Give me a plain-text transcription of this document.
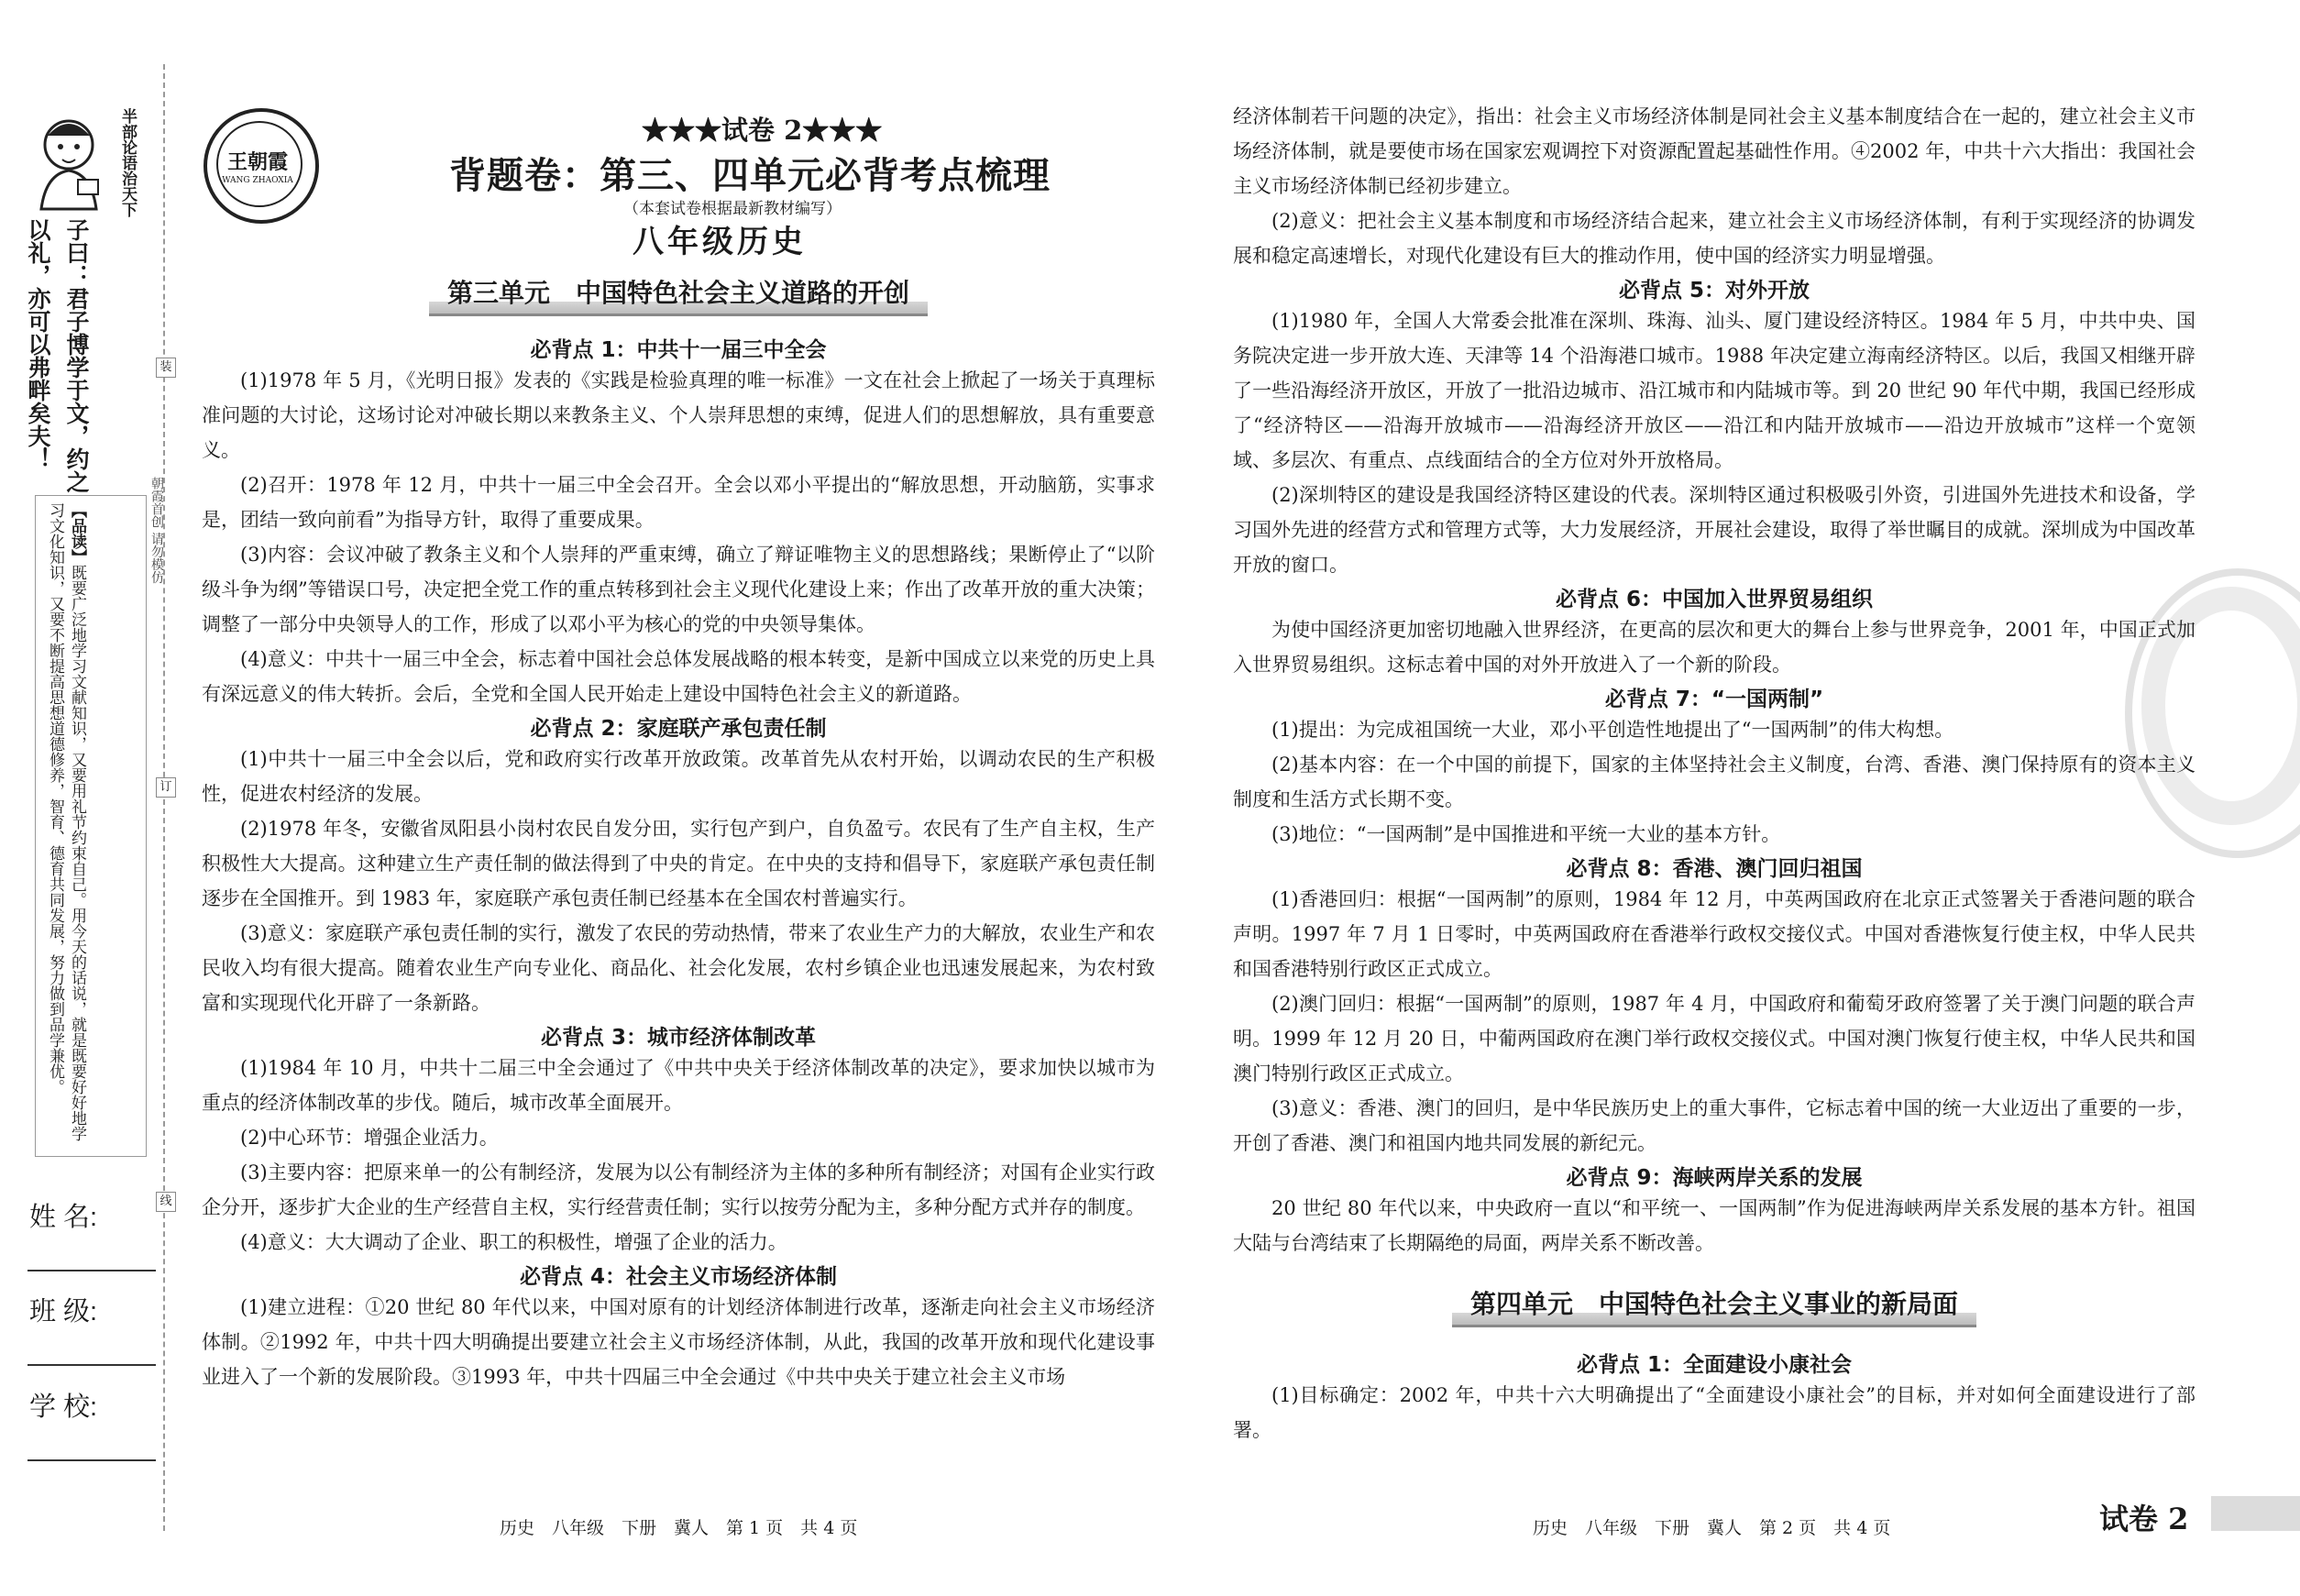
半部论语治天下
子曰：君子博学于文，约之以礼，亦可以弗畔矣夫！
【品读】既要广泛地学习文献知识，又要用礼节约束自己。用今天的话说，就是既要好好地学习文化知识，又要不断提高思想道德修养，智育、德育共同发展，努力做到品学兼优。	朝霞首创 请勿模仿
装
订
线
姓 名:
班 级:
学 校:
王朝霞
WANG ZHAOXIA
★★★试卷 2★★★
背题卷：第三、四单元必背考点梳理
（本套试卷根据最新教材编写）
八年级历史
第三单元　中国特色社会主义道路的开创
必背点 1：中共十一届三中全会
(1)1978 年 5 月，《光明日报》发表的《实践是检验真理的唯一标准》一文在社会上掀起了一场关于真理标准问题的大讨论，这场讨论对冲破长期以来教条主义、个人崇拜思想的束缚，促进人们的思想解放，具有重要意义。
(2)召开：1978 年 12 月，中共十一届三中全会召开。全会以邓小平提出的“解放思想，开动脑筋，实事求是，团结一致向前看”为指导方针，取得了重要成果。
(3)内容：会议冲破了教条主义和个人崇拜的严重束缚，确立了辩证唯物主义的思想路线；果断停止了“以阶级斗争为纲”等错误口号，决定把全党工作的重点转移到社会主义现代化建设上来；作出了改革开放的重大决策；调整了一部分中央领导人的工作，形成了以邓小平为核心的党的中央领导集体。
(4)意义：中共十一届三中全会，标志着中国社会总体发展战略的根本转变，是新中国成立以来党的历史上具有深远意义的伟大转折。会后，全党和全国人民开始走上建设中国特色社会主义的新道路。
必背点 2：家庭联产承包责任制
(1)中共十一届三中全会以后，党和政府实行改革开放政策。改革首先从农村开始，以调动农民的生产积极性，促进农村经济的发展。
(2)1978 年冬，安徽省凤阳县小岗村农民自发分田，实行包产到户，自负盈亏。农民有了生产自主权，生产积极性大大提高。这种建立生产责任制的做法得到了中央的肯定。在中央的支持和倡导下，家庭联产承包责任制逐步在全国推开。到 1983 年，家庭联产承包责任制已经基本在全国农村普遍实行。
(3)意义：家庭联产承包责任制的实行，激发了农民的劳动热情，带来了农业生产力的大解放，农业生产和农民收入均有很大提高。随着农业生产向专业化、商品化、社会化发展，农村乡镇企业也迅速发展起来，为农村致富和实现现代化开辟了一条新路。
必背点 3：城市经济体制改革
(1)1984 年 10 月，中共十二届三中全会通过了《中共中央关于经济体制改革的决定》，要求加快以城市为重点的经济体制改革的步伐。随后，城市改革全面展开。
(2)中心环节：增强企业活力。
(3)主要内容：把原来单一的公有制经济，发展为以公有制经济为主体的多种所有制经济；对国有企业实行政企分开，逐步扩大企业的生产经营自主权，实行经营责任制；实行以按劳分配为主，多种分配方式并存的制度。
(4)意义：大大调动了企业、职工的积极性，增强了企业的活力。
必背点 4：社会主义市场经济体制
(1)建立进程：①20 世纪 80 年代以来，中国对原有的计划经济体制进行改革，逐渐走向社会主义市场经济体制。②1992 年，中共十四大明确提出要建立社会主义市场经济体制，从此，我国的改革开放和现代化建设事业进入了一个新的发展阶段。③1993 年，中共十四届三中全会通过《中共中央关于建立社会主义市场
历史　八年级　下册　冀人　第 1 页　共 4 页
经济体制若干问题的决定》，指出：社会主义市场经济体制是同社会主义基本制度结合在一起的，建立社会主义市场经济体制，就是要使市场在国家宏观调控下对资源配置起基础性作用。④2002 年，中共十六大指出：我国社会主义市场经济体制已经初步建立。
(2)意义：把社会主义基本制度和市场经济结合起来，建立社会主义市场经济体制，有利于实现经济的协调发展和稳定高速增长，对现代化建设有巨大的推动作用，使中国的经济实力明显增强。
必背点 5：对外开放
(1)1980 年，全国人大常委会批准在深圳、珠海、汕头、厦门建设经济特区。1984 年 5 月，中共中央、国务院决定进一步开放大连、天津等 14 个沿海港口城市。1988 年决定建立海南经济特区。以后，我国又相继开辟了一些沿海经济开放区，开放了一批沿边城市、沿江城市和内陆城市等。到 20 世纪 90 年代中期，我国已经形成了“经济特区——沿海开放城市——沿海经济开放区——沿江和内陆开放城市——沿边开放城市”这样一个宽领域、多层次、有重点、点线面结合的全方位对外开放格局。
(2)深圳特区的建设是我国经济特区建设的代表。深圳特区通过积极吸引外资，引进国外先进技术和设备，学习国外先进的经营方式和管理方式等，大力发展经济，开展社会建设，取得了举世瞩目的成就。深圳成为中国改革开放的窗口。
必背点 6：中国加入世界贸易组织
为使中国经济更加密切地融入世界经济，在更高的层次和更大的舞台上参与世界竞争，2001 年，中国正式加入世界贸易组织。这标志着中国的对外开放进入了一个新的阶段。
必背点 7：“一国两制”
(1)提出：为完成祖国统一大业，邓小平创造性地提出了“一国两制”的伟大构想。
(2)基本内容：在一个中国的前提下，国家的主体坚持社会主义制度，台湾、香港、澳门保持原有的资本主义制度和生活方式长期不变。
(3)地位：“一国两制”是中国推进和平统一大业的基本方针。
必背点 8：香港、澳门回归祖国
(1)香港回归：根据“一国两制”的原则，1984 年 12 月，中英两国政府在北京正式签署关于香港问题的联合声明。1997 年 7 月 1 日零时，中英两国政府在香港举行政权交接仪式。中国对香港恢复行使主权，中华人民共和国香港特别行政区正式成立。
(2)澳门回归：根据“一国两制”的原则，1987 年 4 月，中国政府和葡萄牙政府签署了关于澳门问题的联合声明。1999 年 12 月 20 日，中葡两国政府在澳门举行政权交接仪式。中国对澳门恢复行使主权，中华人民共和国澳门特别行政区正式成立。
(3)意义：香港、澳门的回归，是中华民族历史上的重大事件，它标志着中国的统一大业迈出了重要的一步，开创了香港、澳门和祖国内地共同发展的新纪元。
必背点 9：海峡两岸关系的发展
20 世纪 80 年代以来，中央政府一直以“和平统一、一国两制”作为促进海峡两岸关系发展的基本方针。祖国大陆与台湾结束了长期隔绝的局面，两岸关系不断改善。
第四单元　中国特色社会主义事业的新局面
必背点 1：全面建设小康社会
(1)目标确定：2002 年，中共十六大明确提出了“全面建设小康社会”的目标，并对如何全面建设进行了部署。
历史　八年级　下册　冀人　第 2 页　共 4 页	试卷 2
